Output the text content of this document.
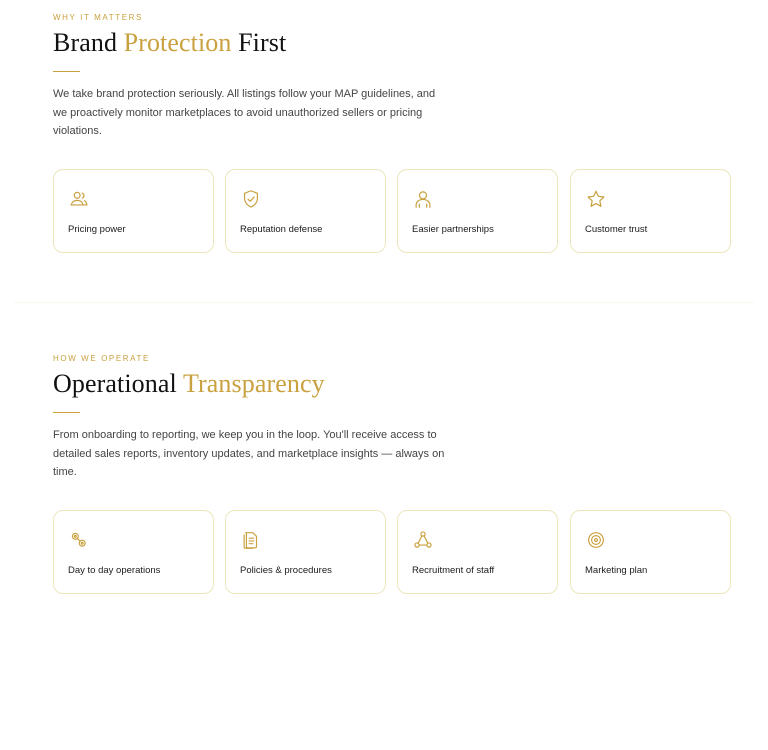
WHY IT MATTERS
Brand Protection First

We take brand protection seriously. All listings follow your MAP guidelines, and we proactively monitor marketplaces to avoid unauthorized sellers or pricing violations.

Pricing power	Reputation defense	Easier partnerships	Customer trust
HOW WE OPERATE
Operational Transparency

From onboarding to reporting, we keep you in the loop. You'll receive access to detailed sales reports, inventory updates, and marketplace insights — always on time.

Day to day operations	Policies & procedures	Recruitment of staff	Marketing plan
